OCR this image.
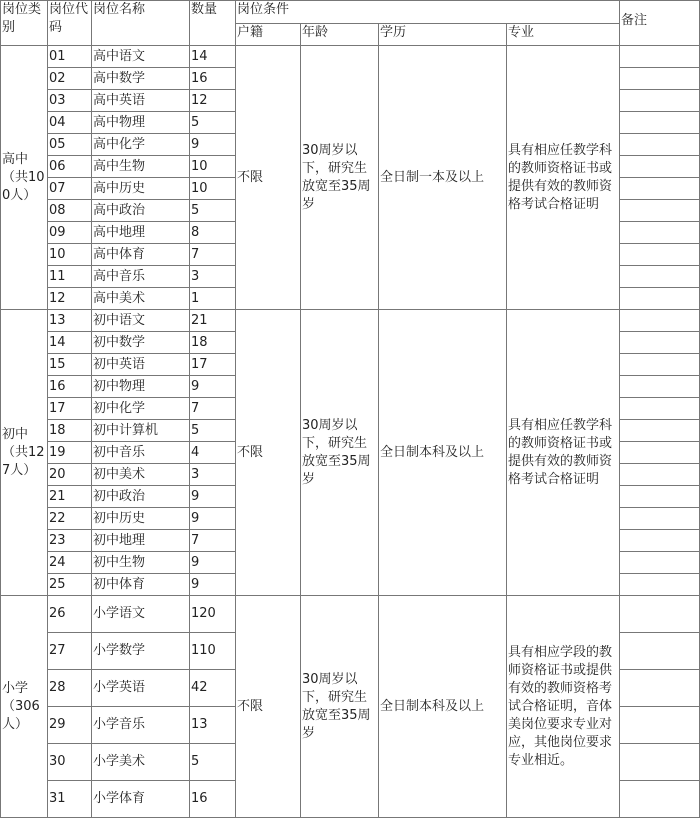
岗位类别	岗位代码	岗位名称	数量	岗位条件				备注
				户籍	年龄	学历	专业	
高中（共100人）	01	高中语文	14	不限	30周岁以下，研究生放宽至35周岁	全日制一本及以上	具有相应任教学科的教师资格证书或提供有效的教师资格考试合格证明	

	02	高中数学	16					
	03	高中英语	12					
	04	高中物理	5					
	05	高中化学	9					
	06	高中生物	10					
	07	高中历史	10					
	08	高中政治	5					
	09	高中地理	8					
	10	高中体育	7					
	11	高中音乐	3					
	12	高中美术	1					
初中（共127人）	13	初中语文	21	不限	30周岁以下，研究生放宽至35周岁	全日制本科及以上	具有相应任教学科的教师资格证书或提供有效的教师资格考试合格证明	

	14	初中数学	18					
	15	初中英语	17					
	16	初中物理	9					
	17	初中化学	7					
	18	初中计算机	5					
	19	初中音乐	4					
	20	初中美术	3					
	21	初中政治	9					
	22	初中历史	9					
	23	初中地理	7					
	24	初中生物	9					
	25	初中体育	9					
小学（306人）	26	小学语文	120	不限	30周岁以下，研究生放宽至35周岁	全日制本科及以上	具有相应学段的教师资格证书或提供有效的教师资格考试合格证明，音体美岗位要求专业对应，其他岗位要求专业相近。	

	27	小学数学	110					
	28	小学英语	42					
	29	小学音乐	13					
	30	小学美术	5					
	31	小学体育	16					
